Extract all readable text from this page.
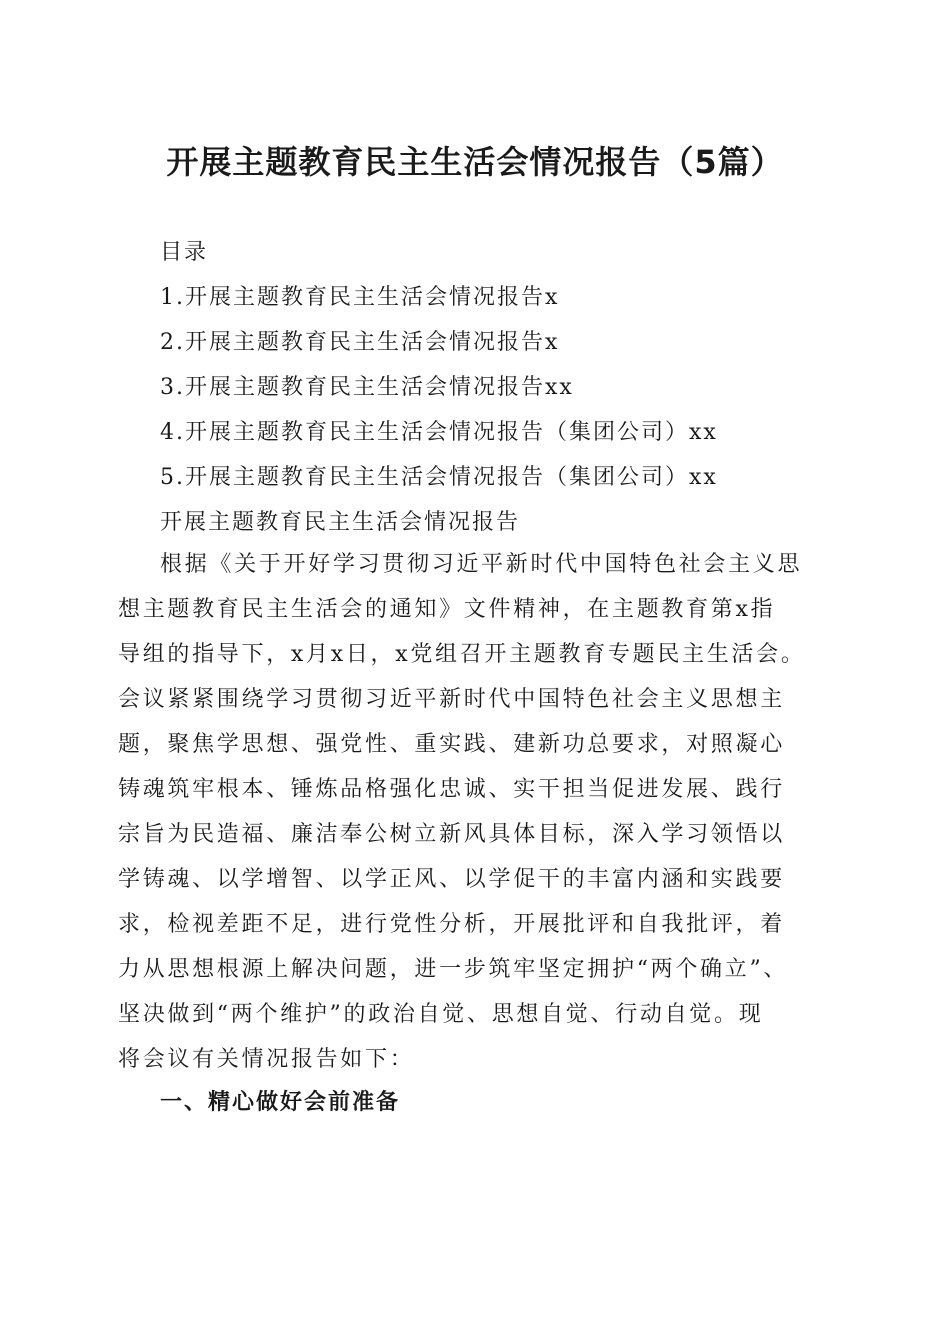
开展主题教育民主生活会情况报告（5篇）
目录
1.开展主题教育民主生活会情况报告x
2.开展主题教育民主生活会情况报告x
3.开展主题教育民主生活会情况报告xx
4.开展主题教育民主生活会情况报告（集团公司）xx
5.开展主题教育民主生活会情况报告（集团公司）xx
开展主题教育民主生活会情况报告
根据《关于开好学习贯彻习近平新时代中国特色社会主义思
想主题教育民主生活会的通知》文件精神，在主题教育第x指
导组的指导下，x月x日，x党组召开主题教育专题民主生活会。
会议紧紧围绕学习贯彻习近平新时代中国特色社会主义思想主
题，聚焦学思想、强党性、重实践、建新功总要求，对照凝心
铸魂筑牢根本、锤炼品格强化忠诚、实干担当促进发展、践行
宗旨为民造福、廉洁奉公树立新风具体目标，深入学习领悟以
学铸魂、以学增智、以学正风、以学促干的丰富内涵和实践要
求，检视差距不足，进行党性分析，开展批评和自我批评，着
力从思想根源上解决问题，进一步筑牢坚定拥护“两个确立”、
坚决做到“两个维护”的政治自觉、思想自觉、行动自觉。现
将会议有关情况报告如下：
一、精心做好会前准备
